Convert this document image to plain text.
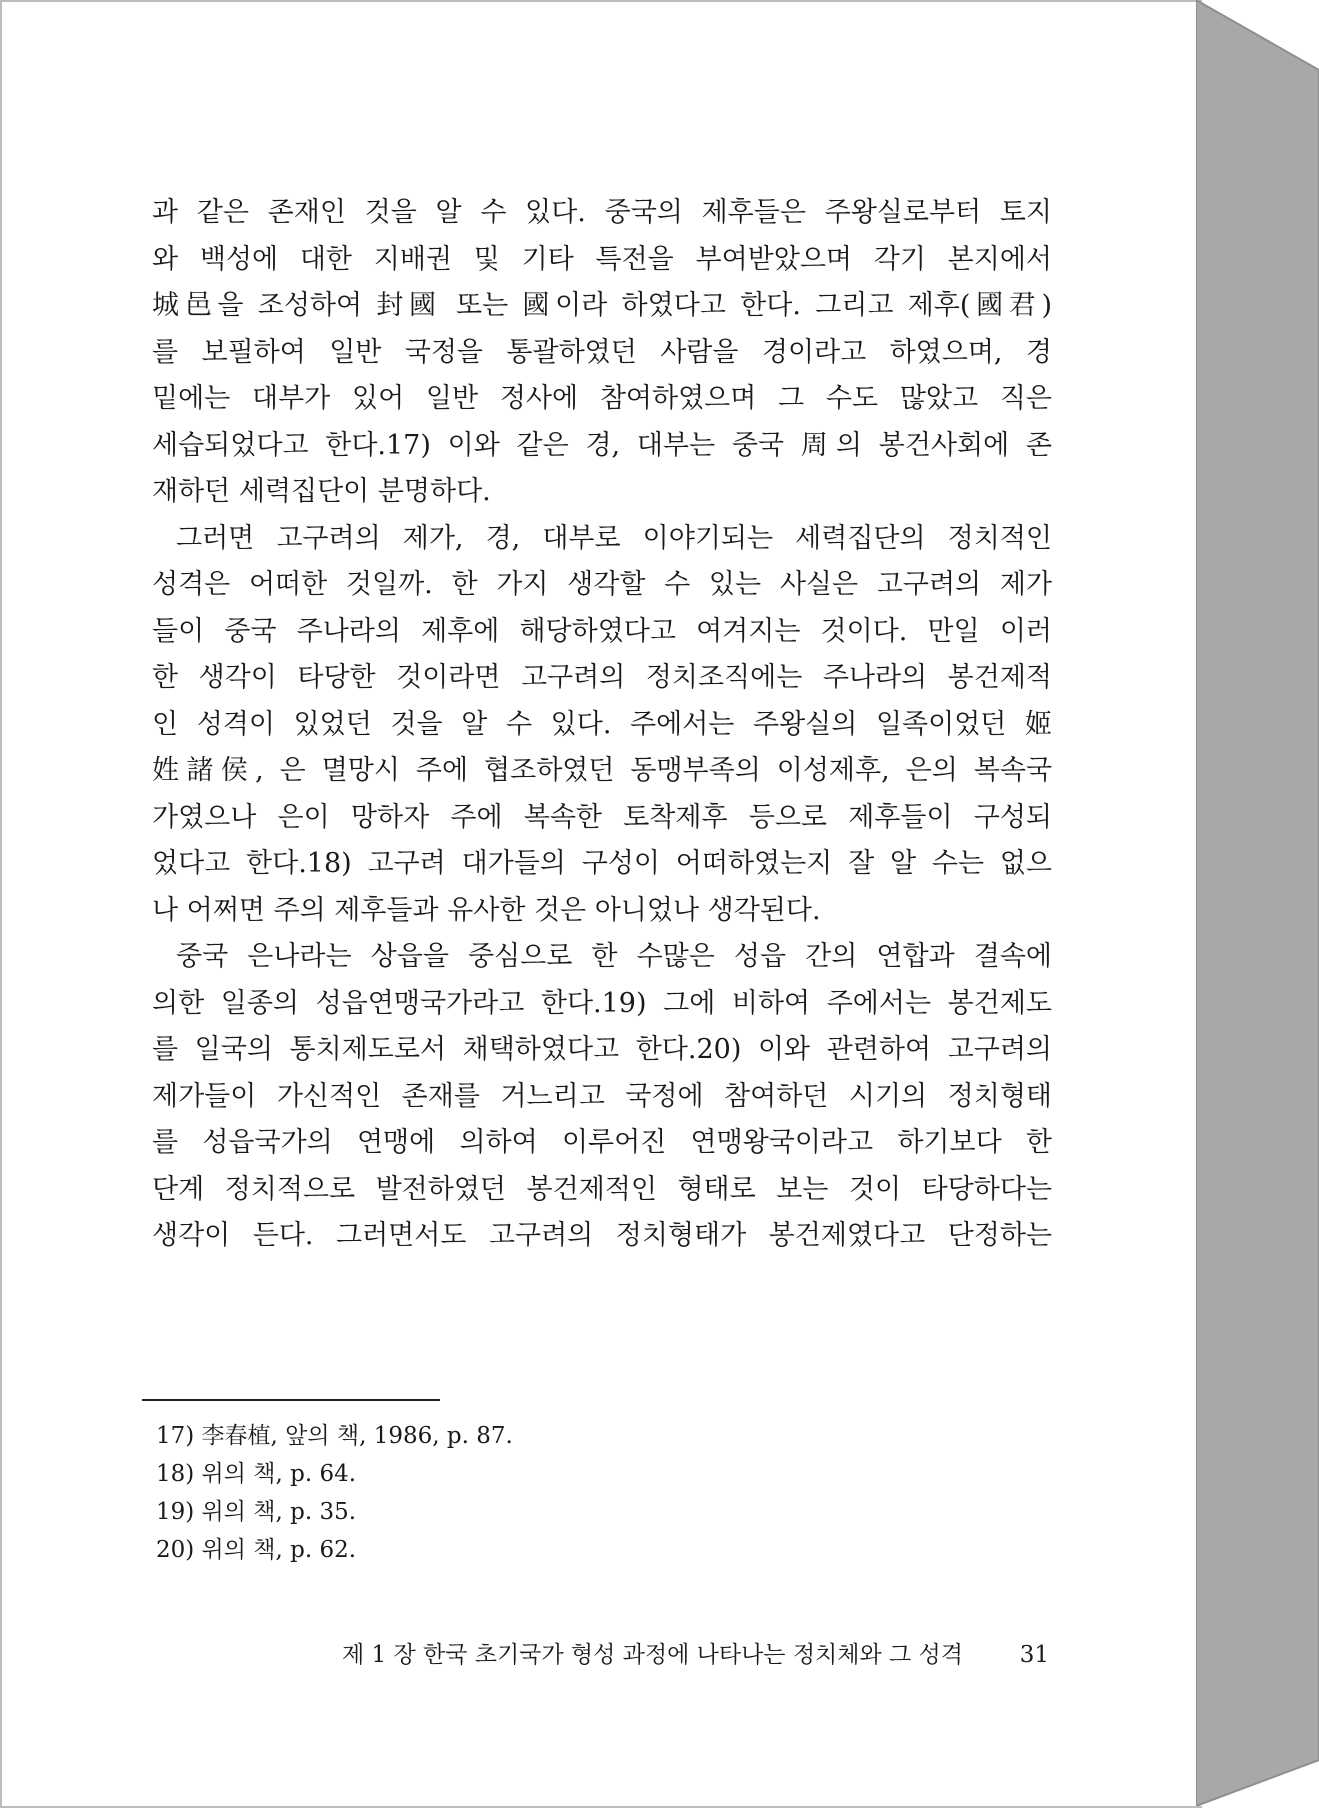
과 같은 존재인 것을 알 수 있다. 중국의 제후들은 주왕실로부터 토지
와 백성에 대한 지배권 및 기타 특전을 부여받았으며 각기 본지에서
城邑을 조성하여 封國 또는 國이라 하였다고 한다. 그리고 제후(國君)
를 보필하여 일반 국정을 통괄하였던 사람을 경이라고 하였으며, 경
밑에는 대부가 있어 일반 정사에 참여하였으며 그 수도 많았고 직은
세습되었다고 한다.17) 이와 같은 경, 대부는 중국 周의 봉건사회에 존
재하던 세력집단이 분명하다.
그러면 고구려의 제가, 경, 대부로 이야기되는 세력집단의 정치적인
성격은 어떠한 것일까. 한 가지 생각할 수 있는 사실은 고구려의 제가
들이 중국 주나라의 제후에 해당하였다고 여겨지는 것이다. 만일 이러
한 생각이 타당한 것이라면 고구려의 정치조직에는 주나라의 봉건제적
인 성격이 있었던 것을 알 수 있다. 주에서는 주왕실의 일족이었던 姬
姓諸侯, 은 멸망시 주에 협조하였던 동맹부족의 이성제후, 은의 복속국
가였으나 은이 망하자 주에 복속한 토착제후 등으로 제후들이 구성되
었다고 한다.18) 고구려 대가들의 구성이 어떠하였는지 잘 알 수는 없으
나 어쩌면 주의 제후들과 유사한 것은 아니었나 생각된다.
중국 은나라는 상읍을 중심으로 한 수많은 성읍 간의 연합과 결속에
의한 일종의 성읍연맹국가라고 한다.19) 그에 비하여 주에서는 봉건제도
를 일국의 통치제도로서 채택하였다고 한다.20) 이와 관련하여 고구려의
제가들이 가신적인 존재를 거느리고 국정에 참여하던 시기의 정치형태
를 성읍국가의 연맹에 의하여 이루어진 연맹왕국이라고 하기보다 한
단계 정치적으로 발전하였던 봉건제적인 형태로 보는 것이 타당하다는
생각이 든다. 그러면서도 고구려의 정치형태가 봉건제였다고 단정하는
17) 李春植, 앞의 책, 1986, p. 87.
18) 위의 책, p. 64.
19) 위의 책, p. 35.
20) 위의 책, p. 62.
제 1 장 한국 초기국가 형성 과정에 나타나는 정치체와 그 성격 31
